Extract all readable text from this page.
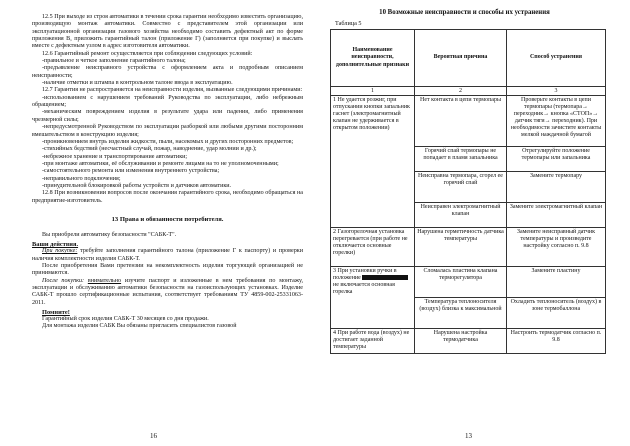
12.5 При выходе из строя автоматики в течении срока гарантии необходимо известить организацию, производящую монтаж автоматики. Совместно с представителем этой организации или эксплуатационной организации газового хозяйства необходимо составить дефектный акт по форме приложения В, приложить гарантийный талон (приложение Г) (заполняется при покупке) и выслать вместе с дефектным узлом в адрес изготовителя автоматики.

12.6 Гарантийный ремонт осуществляется при соблюдении следующих условий:

-правильное и четкое заполнение гарантийного талона;

-предъявление неисправного устройства с оформлением акта и подробным описанием неисправности;

-наличие отметки и штампа в контрольном талоне ввода в эксплуатацию.

12.7 Гарантия не распространяется на неисправности изделия, вызванные следующими причинами:

-использованием с нарушением требований Руководства по эксплуатации, либо небрежным обращением;

-механическим повреждением изделия в результате удара или падения, либо применения чрезмерной силы;

-непредусмотренной Руководством по эксплуатации разборкой или любыми другими посторонним вмешательством в конструкцию изделия;

-проникновением внутрь изделия жидкости, пыли, насекомых и других посторонних предметов;

-стихийных бедствий (несчастный случай, пожар, наводнение, удар молнии и др.);

-небрежное хранение и транспортирование автоматики;

-при монтаже автоматики, её обслуживании и ремонте лицами на то не уполномоченными;

-самостоятельного ремонта или изменения внутреннего устройства;

-неправильного подключения;

-принудительной блокировкой работы устройств и датчиков автоматики.

12.8 При возникновении вопросов после окончания гарантийного срока, необходимо обращаться на предприятие-изготовитель.

13 Права и обязанности потребителя.

Вы приобрели автоматику безопасности "САБК-Т".

Ваши действия.

При покупке: требуйте заполнения гарантийного талона (приложение Г к паспорту) и проверки наличия комплектности изделия САБК-Т.

После приобретения Вами претензии на некомплектность изделия торгующей организацией не принимаются.

После покупки: внимательно изучите паспорт и изложенные в нем требования по монтажу, эксплуатации и обслуживанию автоматики безопасности на газоиспользующих установках. Изделие САБК-Т прошло сертификационные испытания, соответствует требованиям ТУ 4859-002-25331063-2011.

Помните!

Гарантийный срок изделия САБК-Т 30 месяцев со дня продажи.

Для монтажа изделия САБК Вы обязаны пригласить специалистов газовой

16
10 Возможные неисправности и способы их устранения
Таблица 5
Наименование неисправности, дополнительные признаки	Вероятная причина	Способ устранения
1	2	3
1 Не удается розжиг, при отпускании кнопки запальник гаснет (электромагнитный клапан не удерживается в открытом положении)	Нет контакта в цепи термопары	Проверьте контакты в цепи термопары (термопара→ переходник→ кнопка «СТОП»→ датчик тяги→ переходник). При необходимости зачистите контакты мелкой наждачной бумагой
	Горячий спай термопары не попадает в пламя запальника	Отрегулируйте положение термопары или запальника
	Неисправна термопара, сгорел ее горячий спай	Замените термопару
	Неисправен электромагнитный клапан	Замените электромагнитный клапан
2 Газогорелочная установка перегревается (при работе не отключается основные горелки)	Нарушена герметичность датчика температуры	Замените неисправный датчик температуры и произведите настройку согласно п. 9.8
3 При установки ручки в положение  не включается основная горелка	Сломалась пластина клапана терморегулятора	Замените пластину
	Температура теплоносителя (воздух) близка к максимальной	Охладить теплоноситель (воздух) в зоне термобаллона
4 При работе вода (воздух) не достигает заданной температуры	Нарушена настройка термодатчика	Настроить термодатчик согласно п. 9.8
13
